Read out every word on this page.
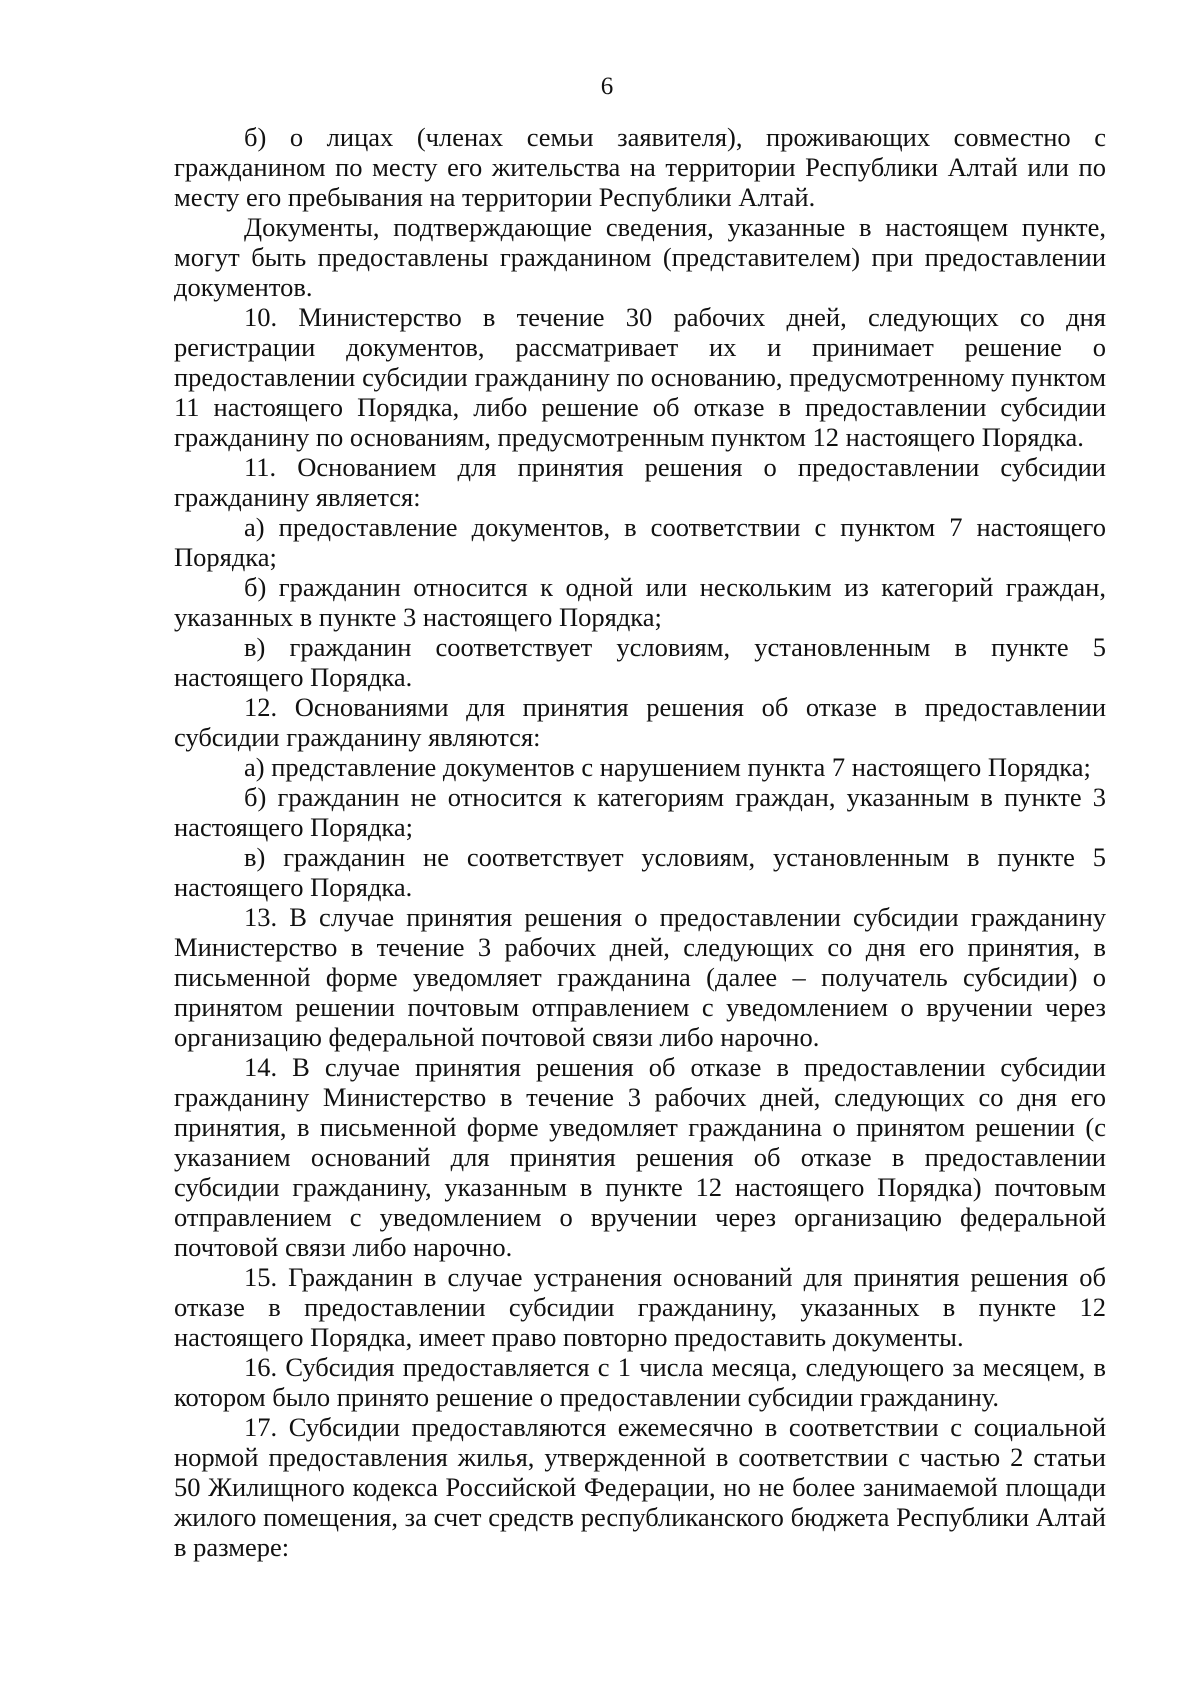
6

б) о лицах (членах семьи заявителя), проживающих совместно с гражданином по месту его жительства на территории Республики Алтай или по месту его пребывания на территории Республики Алтай.

Документы, подтверждающие сведения, указанные в настоящем пункте, могут быть предоставлены гражданином (представителем) при предоставлении документов.

10. Министерство в течение 30 рабочих дней, следующих со дня регистрации документов, рассматривает их и принимает решение о предоставлении субсидии гражданину по основанию, предусмотренному пунктом 11 настоящего Порядка, либо решение об отказе в предоставлении субсидии гражданину по основаниям, предусмотренным пунктом 12 настоящего Порядка.

11. Основанием для принятия решения о предоставлении субсидии гражданину является:

а) предоставление документов, в соответствии с пунктом 7 настоящего Порядка;

б) гражданин относится к одной или нескольким из категорий граждан, указанных в пункте 3 настоящего Порядка;

в) гражданин соответствует условиям, установленным в пункте 5 настоящего Порядка.

12. Основаниями для принятия решения об отказе в предоставлении субсидии гражданину являются:

а) представление документов с нарушением пункта 7 настоящего Порядка;

б) гражданин не относится к категориям граждан, указанным в пункте 3 настоящего Порядка;

в) гражданин не соответствует условиям, установленным в пункте 5 настоящего Порядка.

13. В случае принятия решения о предоставлении субсидии гражданину Министерство в течение 3 рабочих дней, следующих со дня его принятия, в письменной форме уведомляет гражданина (далее – получатель субсидии) о принятом решении почтовым отправлением с уведомлением о вручении через организацию федеральной почтовой связи либо нарочно.

14. В случае принятия решения об отказе в предоставлении субсидии гражданину Министерство в течение 3 рабочих дней, следующих со дня его принятия, в письменной форме уведомляет гражданина о принятом решении (с указанием оснований для принятия решения об отказе в предоставлении субсидии гражданину, указанным в пункте 12 настоящего Порядка) почтовым отправлением с уведомлением о вручении через организацию федеральной почтовой связи либо нарочно.

15. Гражданин в случае устранения оснований для принятия решения об отказе в предоставлении субсидии гражданину, указанных в пункте 12 настоящего Порядка, имеет право повторно предоставить документы.

16. Субсидия предоставляется с 1 числа месяца, следующего за месяцем, в котором было принято решение о предоставлении субсидии гражданину.

17. Субсидии предоставляются ежемесячно в соответствии с социальной нормой предоставления жилья, утвержденной в соответствии с частью 2 статьи 50 Жилищного кодекса Российской Федерации, но не более занимаемой площади жилого помещения, за счет средств республиканского бюджета Республики Алтай в размере:
